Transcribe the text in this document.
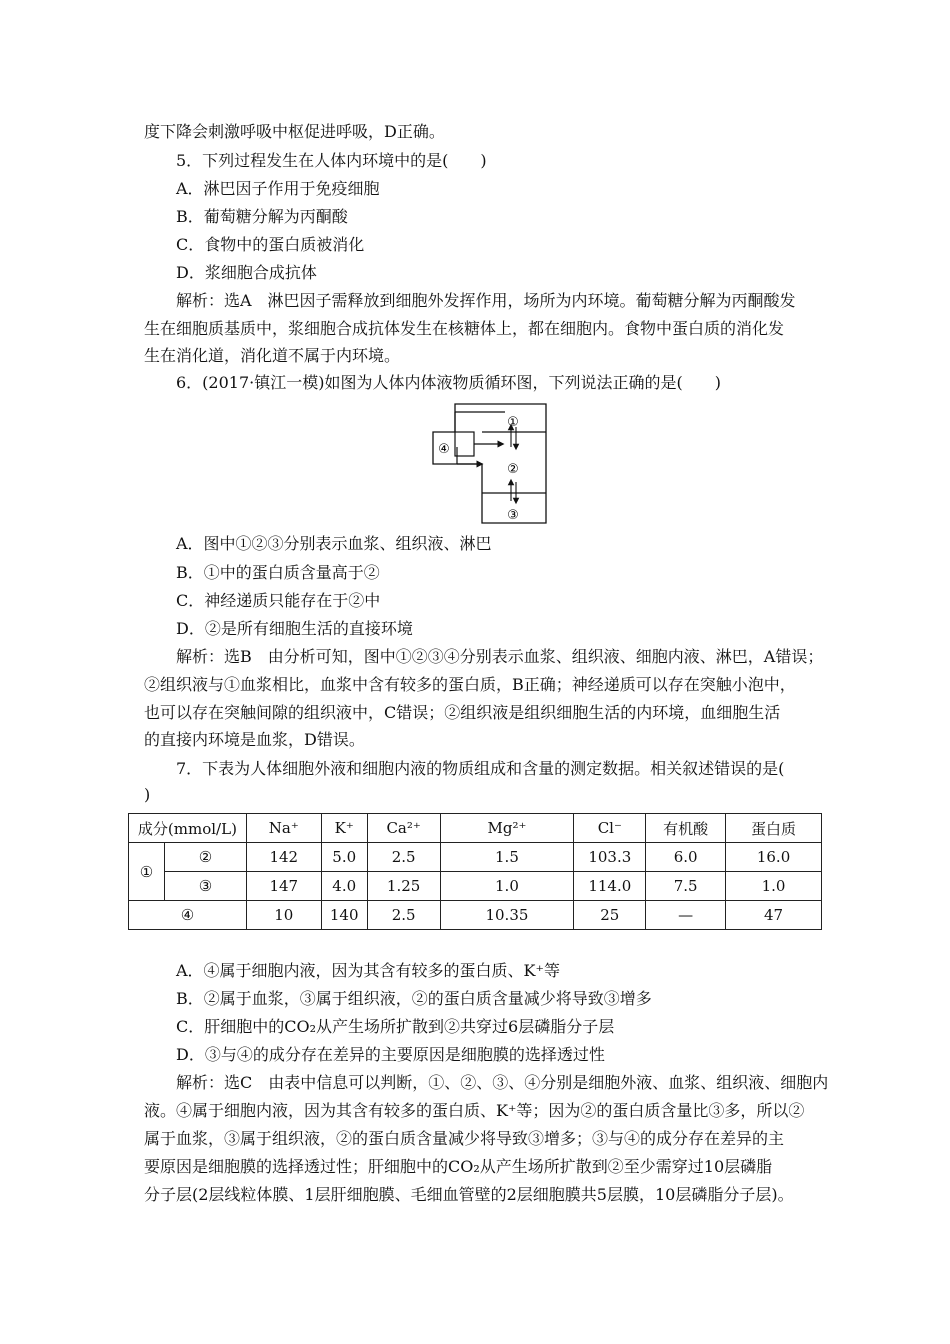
度下降会刺激呼吸中枢促进呼吸，D正确。
5．下列过程发生在人体内环境中的是(　　)
A．淋巴因子作用于免疫细胞
B．葡萄糖分解为丙酮酸
C．食物中的蛋白质被消化
D．浆细胞合成抗体
解析：选A　淋巴因子需释放到细胞外发挥作用，场所为内环境。葡萄糖分解为丙酮酸发
生在细胞质基质中，浆细胞合成抗体发生在核糖体上，都在细胞内。食物中蛋白质的消化发
生在消化道，消化道不属于内环境。
6．(2017·镇江一模)如图为人体内体液物质循环图，下列说法正确的是(　　)
①
②
③
④
A．图中①②③分别表示血浆、组织液、淋巴
B．①中的蛋白质含量高于②
C．神经递质只能存在于②中
D．②是所有细胞生活的直接环境
解析：选B　由分析可知，图中①②③④分别表示血浆、组织液、细胞内液、淋巴，A错误；
②组织液与①血浆相比，血浆中含有较多的蛋白质，B正确；神经递质可以存在突触小泡中，
也可以存在突触间隙的组织液中，C错误；②组织液是组织细胞生活的内环境，血细胞生活
的直接内环境是血浆，D错误。
7．下表为人体细胞外液和细胞内液的物质组成和含量的测定数据。相关叙述错误的是(
)
成分(mmol/L)		Na⁺	K⁺	Ca²⁺	Mg²⁺	Cl⁻	有机酸	蛋白质
①	②	142	5.0	2.5	1.5	103.3	6.0	16.0
	③	147	4.0	1.25	1.0	114.0	7.5	1.0
④		10	140	2.5	10.35	25	—	47
A．④属于细胞内液，因为其含有较多的蛋白质、K⁺等
B．②属于血浆，③属于组织液，②的蛋白质含量减少将导致③增多
C．肝细胞中的CO₂从产生场所扩散到②共穿过6层磷脂分子层
D．③与④的成分存在差异的主要原因是细胞膜的选择透过性
解析：选C　由表中信息可以判断，①、②、③、④分别是细胞外液、血浆、组织液、细胞内
液。④属于细胞内液，因为其含有较多的蛋白质、K⁺等；因为②的蛋白质含量比③多，所以②
属于血浆，③属于组织液，②的蛋白质含量减少将导致③增多；③与④的成分存在差异的主
要原因是细胞膜的选择透过性；肝细胞中的CO₂从产生场所扩散到②至少需穿过10层磷脂
分子层(2层线粒体膜、1层肝细胞膜、毛细血管壁的2层细胞膜共5层膜，10层磷脂分子层)。
